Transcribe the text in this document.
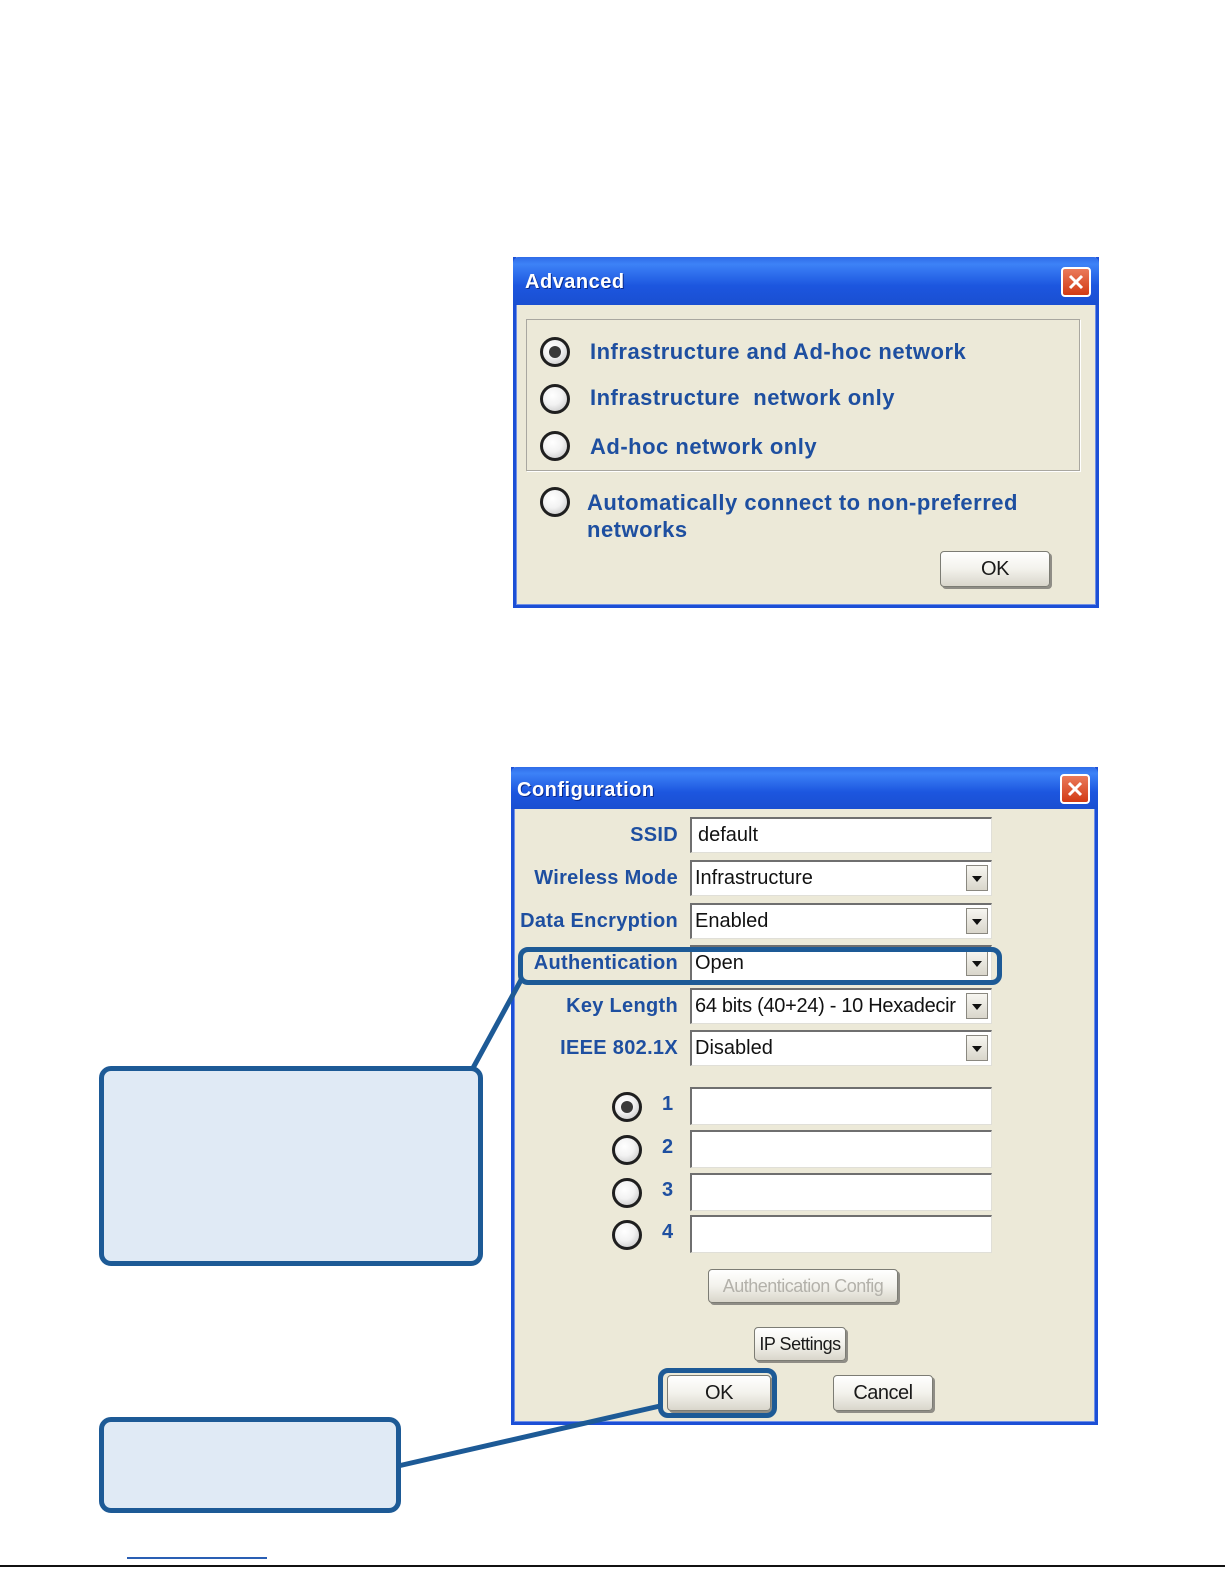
Advanced
Infrastructure and Ad-hoc network
Infrastructure  network only
Ad-hoc network only
Automatically connect to non-preferred
networks
OK
Configuration
SSID
Wireless Mode
Data Encryption
Authentication
Key Length
IEEE 802.1X
default
Infrastructure
Enabled
Open
64 bits (40+24) - 10 Hexadecir
Disabled
1
2
3
4
Authentication Config
IP Settings
OK	Cancel
